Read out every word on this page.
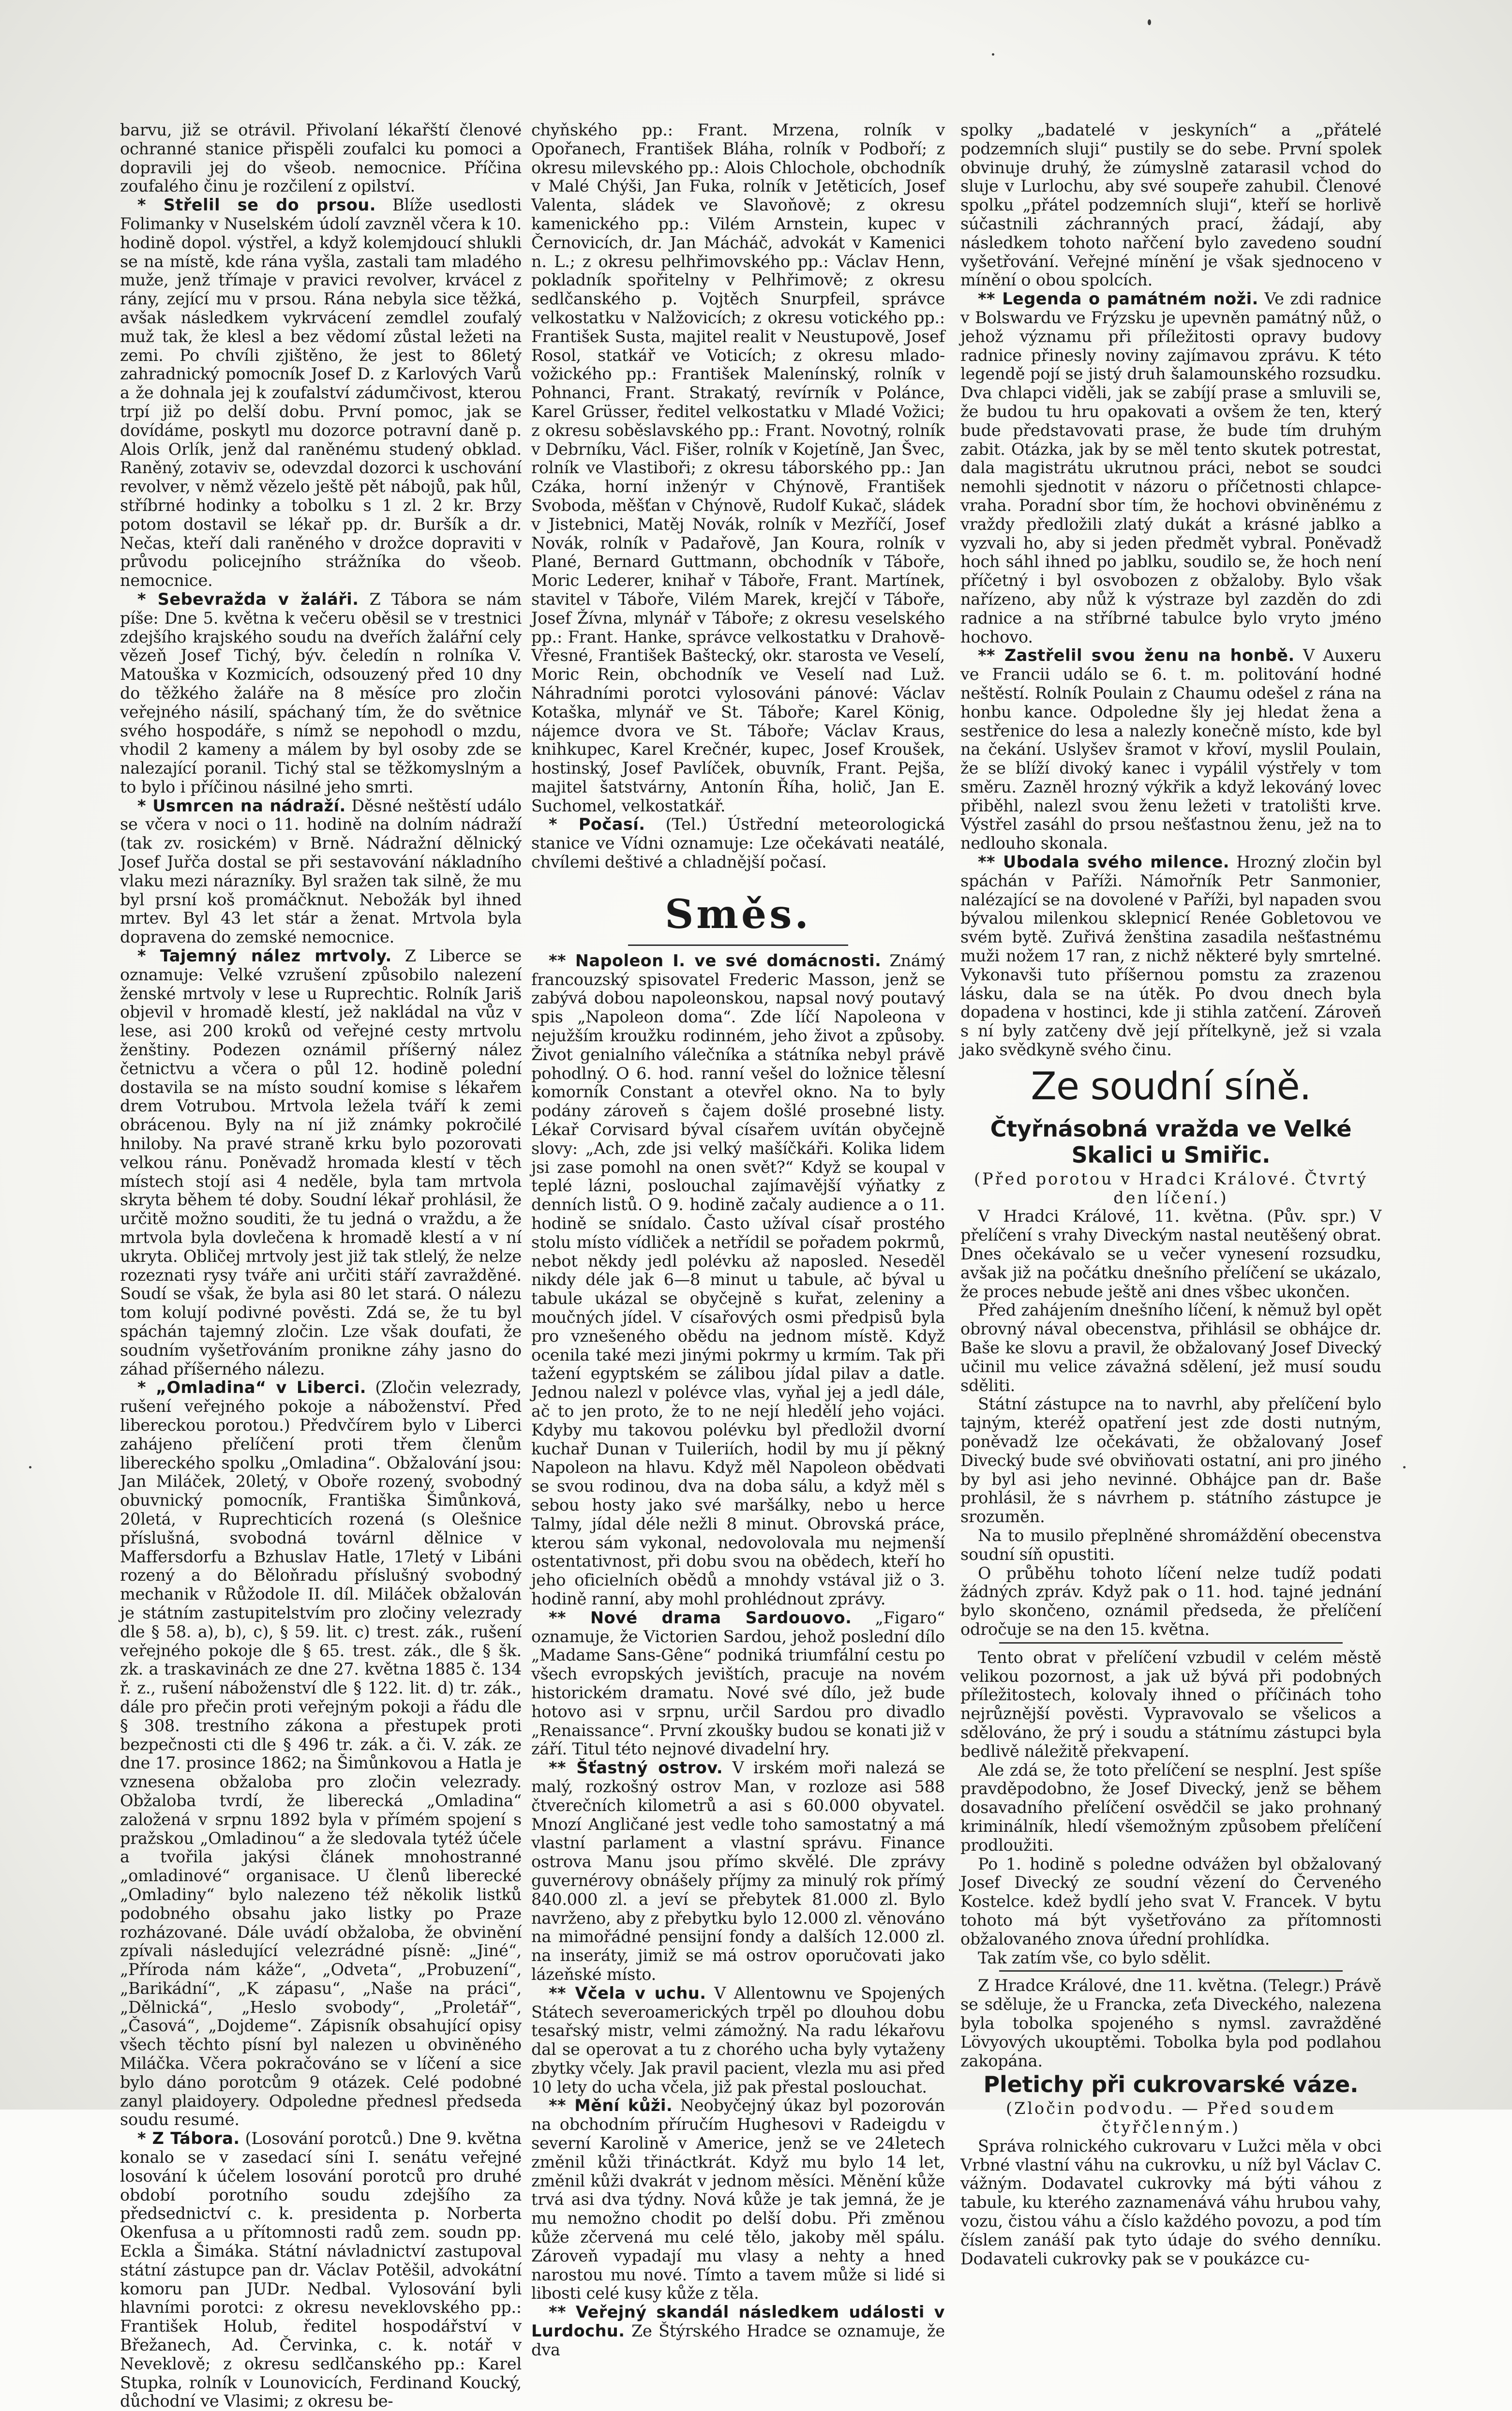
barvu, již se otrávil. Přivolaní lékařští členové ochranné stanice přispěli zoufalci ku pomoci a dopravili jej do všeob. nemocnice. Příčina zoufalého činu je rozčilení z opilství.

* Střelil se do prsou. Blíže usedlosti Folimanky v Nuselském údolí zavzněl včera k 10. hodině dopol. výstřel, a když kolemjdoucí shlukli se na místě, kde rána vyšla, zastali tam mladého muže, jenž třímaje v pravici revolver, krvácel z rány, zející mu v prsou. Rána nebyla sice těžká, avšak následkem vykrvácení zemdlel zoufalý muž tak, že klesl a bez vědomí zůstal ležeti na zemi. Po chvíli zjištěno, že jest to 86letý zahradnický pomocník Josef D. z Karlových Varů a že dohnala jej k zoufalství zádumčivost, kterou trpí již po delší dobu. První pomoc, jak se dovídáme, poskytl mu dozorce potravní daně p. Alois Orlík, jenž dal raněnému studený obklad. Raněný, zotaviv se, odevzdal dozorci k uschování revolver, v němž vězelo ještě pět nábojů, pak hůl, stříbrné hodinky a tobolku s 1 zl. 2 kr. Brzy potom dostavil se lékař pp. dr. Buršík a dr. Nečas, kteří dali raněného v drožce dopraviti v průvodu policejního strážníka do všeob. nemocnice.

* Sebevražda v žaláři. Z Tábora se nám píše: Dne 5. května k večeru oběsil se v trestnici zdejšího krajského soudu na dveřích žalářní cely vězeň Josef Tichý, býv. čeledín n rolníka V. Matouška v Kozmicích, odsouzený před 10 dny do těžkého žaláře na 8 měsíce pro zločin veřejného násilí, spáchaný tím, že do světnice svého hospodáře, s nímž se nepohodl o mzdu, vhodil 2 kameny a málem by byl osoby zde se nalezající poranil. Tichý stal se těžkomyslným a to bylo i příčinou násilné jeho smrti.

* Usmrcen na nádraží. Děsné neštěstí událo se včera v noci o 11. hodině na dolním nádraží (tak zv. rosickém) v Brně. Nádražní dělnický Josef Juřča dostal se při sestavování nákladního vlaku mezi nárazníky. Byl sražen tak silně, že mu byl prsní koš promáčknut. Nebožák byl ihned mrtev. Byl 43 let stár a ženat. Mrtvola byla dopravena do zemské nemocnice.

* Tajemný nález mrtvoly. Z Liberce se oznamuje: Velké vzrušení způsobilo nalezení ženské mrtvoly v lese u Ruprechtic. Rolník Jariš objevil v hromadě klestí, jež nakládal na vůz v lese, asi 200 kroků od veřejné cesty mrtvolu ženštiny. Podezen oznámil příšerný nález četnictvu a včera o půl 12. hodině polední dostavila se na místo soudní komise s lékařem drem Votrubou. Mrtvola ležela tváří k zemi obrácenou. Byly na ní již známky pokročilé hniloby. Na pravé straně krku bylo pozorovati velkou ránu. Poněvadž hromada klestí v těch místech stojí asi 4 neděle, byla tam mrtvola skryta během té doby. Soudní lékař prohlásil, že určitě možno souditi, že tu jedná o vraždu, a že mrtvola byla dovlečena k hromadě klestí a v ní ukryta. Obličej mrtvoly jest již tak stlelý, že nelze rozeznati rysy tváře ani určiti stáří zavražděné. Soudí se však, že byla asi 80 let stará. O nálezu tom kolují podivné pověsti. Zdá se, že tu byl spáchán tajemný zločin. Lze však doufati, že soudním vyšetřováním pronikne záhy jasno do záhad příšerného nálezu.

* „Omladina“ v Liberci. (Zločin velezrady, rušení veřejného pokoje a náboženství. Před libereckou porotou.) Předvčírem bylo v Liberci zahájeno přelíčení proti třem členům libereckého spolku „Omladina“. Obžalování jsou: Jan Miláček, 20letý, v Oboře rozený, svobodný obuvnický pomocník, Františka Šimůnková, 20letá, v Ruprechticích rozená (s Olešnice příslušná, svobodná továrnl dělnice v Maffersdorfu a Bzhuslav Hatle, 17letý v Libáni rozený a do Běloňradu příslušný svobodný mechanik v Růžodole II. díl. Miláček obžalován je státním zastupitelstvím pro zločiny velezrady dle § 58. a), b), c), § 59. lit. c) trest. zák., rušení veřejného pokoje dle § 65. trest. zák., dle § šk. zk. a traskavinách ze dne 27. května 1885 č. 134 ř. z., rušení náboženství dle § 122. lit. d) tr. zák., dále pro přečin proti veřejným pokoji a řádu dle § 308. trestního zákona a přestupek proti bezpečnosti cti dle § 496 tr. zák. a či. V. zák. ze dne 17. prosince 1862; na Šimůnkovou a Hatla je vznesena obžaloba pro zločin velezrady. Obžaloba tvrdí, že liberecká „Omladina“ založená v srpnu 1892 byla v přímém spojení s pražskou „Omladinou“ a že sledovala tytéž účele a tvořila jakýsi článek mnohostranné „omladinové“ organisace. U členů liberecké „Omladiny“ bylo nalezeno též několik listků podobného obsahu jako listky po Praze rozházované. Dále uvádí obžaloba, že obvinění zpívali následující velezrádné písně: „Jiné“, „Příroda nám káže“, „Odveta“, „Probuzení“, „Barikádní“, „K zápasu“, „Naše na práci“, „Dělnická“, „Heslo svobody“, „Proletář“, „Časová“, „Dojdeme“. Zápisník obsahující opisy všech těchto písní byl nalezen u obviněného Miláčka. Včera pokračováno se v líčení a sice bylo dáno porotcům 9 otázek. Celé podobné zanyl plaidoyery. Odpoledne přednesl předseda soudu resumé.

* Z Tábora. (Losování porotců.) Dne 9. května konalo se v zasedací síni I. senátu veřejné losování k účelem losování porotců pro druhé období porotního soudu zdejšího za předsednictví c. k. presidenta p. Norberta Okenfusa a u přítomnosti radů zem. soudn pp. Eckla a Šimáka. Státní návladnictví zastupoval státní zástupce pan dr. Václav Potěšil, advokátní komoru pan JUDr. Nedbal. Vylosování byli hlavními porotci: z okresu neveklovského pp.: František Holub, ředitel hospodářství v Břežanech, Ad. Červinka, c. k. notář v Neveklově; z okresu sedlčanského pp.: Karel Stupka, rolník v Lounovicích, Ferdinand Koucký, důchodní ve Vlasimi; z okresu be-

chyňského pp.: Frant. Mrzena, rolník v Opořanech, František Bláha, rolník v Podboří; z okresu milevského pp.: Alois Chlochole, obchodník v Malé Chýši, Jan Fuka, rolník v Jetěticích, Josef Valenta, sládek ve Slavoňově; z okresu kamenického pp.: Vilém Arnstein, kupec v Černovicích, dr. Jan Mácháč, advokát v Kamenici n. L.; z okresu pelhřimovského pp.: Václav Henn, pokladník spořitelny v Pelhřimově; z okresu sedlčanského p. Vojtěch Snurpfeil, správce velkostatku v Nalžovicích; z okresu votického pp.: František Susta, majitel realit v Neustupově, Josef Rosol, statkář ve Voticích; z okresu mlado-vožického pp.: František Malenínský, rolník v Pohnanci, Frant. Strakatý, revírník v Polánce, Karel Grüsser, ředitel velkostatku v Mladé Vožici; z okresu soběslavského pp.: Frant. Novotný, rolník v Debrníku, Václ. Fišer, rolník v Kojetíně, Jan Švec, rolník ve Vlastiboři; z okresu táborského pp.: Jan Czáka, horní inženýr v Chýnově, František Svoboda, měšťan v Chýnově, Rudolf Kukač, sládek v Jistebnici, Matěj Novák, rolník v Mezříčí, Josef Novák, rolník v Padařově, Jan Koura, rolník v Plané, Bernard Guttmann, obchodník v Táboře, Moric Lederer, knihař v Táboře, Frant. Martínek, stavitel v Táboře, Vilém Marek, krejčí v Táboře, Josef Žívna, mlynář v Táboře; z okresu veselského pp.: Frant. Hanke, správce velkostatku v Drahově-Vřesné, František Baštecký, okr. starosta ve Veselí, Moric Rein, obchodník ve Veselí nad Luž. Náhradními porotci vylosováni pánové: Václav Kotaška, mlynář ve St. Táboře; Karel König, nájemce dvora ve St. Táboře; Václav Kraus, knihkupec, Karel Krečnér, kupec, Josef Kroušek, hostinský, Josef Pavlíček, obuvník, Frant. Pejša, majitel šatstvárny, Antonín Říha, holič, Jan E. Suchomel, velkostatkář.

* Počasí. (Tel.) Ústřední meteorologická stanice ve Vídni oznamuje: Lze očekávati neatálé, chvílemi deštivé a chladnější počasí.

Směs.

** Napoleon I. ve své domácnosti. Známý francouzský spisovatel Frederic Masson, jenž se zabývá dobou napoleonskou, napsal nový poutavý spis „Napoleon doma“. Zde líčí Napoleona v nejužším kroužku rodinném, jeho život a způsoby. Život genialního válečníka a státníka nebyl právě pohodlný. O 6. hod. ranní vešel do ložnice tělesní komorník Constant a otevřel okno. Na to byly podány zároveň s čajem došlé prosebné listy. Lékař Corvisard býval císařem uvítán obyčejně slovy: „Ach, zde jsi velký mašíčkáři. Kolika lidem jsi zase pomohl na onen svět?“ Když se koupal v teplé lázni, poslouchal zajímavější výňatky z denních listů. O 9. hodině začaly audience a o 11. hodině se snídalo. Často užíval císař prostého stolu místo vídliček a netřídil se pořadem pokrmů, nebot někdy jedl polévku až naposled. Neseděl nikdy déle jak 6—8 minut u tabule, ač býval u tabule ukázal se obyčejně s kuřat, zeleniny a moučných jídel. V císařových osmi předpisů byla pro vznešeného obědu na jednom místě. Když ocenila také mezi jinými pokrmy u krmím. Tak při tažení egyptském se zálibou jídal pilav a datle. Jednou nalezl v polévce vlas, vyňal jej a jedl dále, ač to jen proto, že to ne nejí hledělí jeho vojáci. Kdyby mu takovou polévku byl předložil dvorní kuchař Dunan v Tuileriích, hodil by mu jí pěkný Napoleon na hlavu. Když měl Napoleon obědvati se svou rodinou, dva na doba sálu, a když měl s sebou hosty jako své maršálky, nebo u herce Talmy, jídal déle nežli 8 minut. Obrovská práce, kterou sám vykonal, nedovolovala mu nejmenší ostentativnost, při dobu svou na obědech, kteří ho jeho oficielních obědů a mnohdy vstával již o 3. hodině ranní, aby mohl prohlédnout zprávy.

** Nové drama Sardouovo. „Figaro“ oznamuje, že Victorien Sardou, jehož poslední dílo „Madame Sans-Gêne“ podniká triumfální cestu po všech evropských jevištích, pracuje na novém historickém dramatu. Nové své dílo, jež bude hotovo asi v srpnu, určil Sardou pro divadlo „Renaissance“. První zkoušky budou se konati již v září. Titul této nejnové divadelní hry.

** Šťastný ostrov. V irském moři nalezá se malý, rozkošný ostrov Man, v rozloze asi 588 čtverečních kilometrů a asi s 60.000 obyvatel. Mnozí Angličané jest vedle toho samostatný a má vlastní parlament a vlastní správu. Finance ostrova Manu jsou přímo skvělé. Dle zprávy guvernérovy obnášely příjmy za minulý rok přímý 840.000 zl. a jeví se přebytek 81.000 zl. Bylo navrženo, aby z přebytku bylo 12.000 zl. věnováno na mimořádné pensijní fondy a dalších 12.000 zl. na inseráty, jimiž se má ostrov oporučovati jako lázeňské místo.

** Včela v uchu. V Allentownu ve Spojených Státech severoamerických trpěl po dlouhou dobu tesařský mistr, velmi zámožný. Na radu lékařovu dal se operovat a tu z chorého ucha byly vytaženy zbytky včely. Jak pravil pacient, vlezla mu asi před 10 lety do ucha včela, již pak přestal poslouchat.

** Mění kůži. Neobyčejný úkaz byl pozorován na obchodním příručím Hughesovi v Radeigdu v severní Karolině v Americe, jenž se ve 24letech změnil kůži třináctkrát. Když mu bylo 14 let, změnil kůži dvakrát v jednom měsíci. Měnění kůže trvá asi dva týdny. Nová kůže je tak jemná, že je mu nemožno chodit po delší dobu. Při změnou kůže zčervená mu celé tělo, jakoby měl spálu. Zároveň vypadají mu vlasy a nehty a hned narostou mu nové. Tímto a tavem může si lidé si libosti celé kusy kůže z těla.

** Veřejný skandál následkem události v Lurdochu. Ze Štýrského Hradce se oznamuje, že dva

spolky „badatelé v jeskyních“ a „přátelé podzemních sluji“ pustily se do sebe. První spolek obvinuje druhý, že zúmyslně zatarasil vchod do sluje v Lurlochu, aby své soupeře zahubil. Členové spolku „přátel podzemních sluji“, kteří se horlivě súčastnili záchranných prací, žádají, aby následkem tohoto nařčení bylo zavedeno soudní vyšetřování. Veřejné mínění je však sjednoceno v mínění o obou spolcích.

** Legenda o památném noži. Ve zdi radnice v Bolswardu ve Frýzsku je upevněn památný nůž, o jehož významu při příležitosti opravy budovy radnice přinesly noviny zajímavou zprávu. K této legendě pojí se jistý druh šalamounského rozsudku. Dva chlapci viděli, jak se zabíjí prase a smluvili se, že budou tu hru opakovati a ovšem že ten, který bude představovati prase, že bude tím druhým zabit. Otázka, jak by se měl tento skutek potrestat, dala magistrátu ukrutnou práci, nebot se soudci nemohli sjednotit v názoru o příčetnosti chlapce-vraha. Poradní sbor tím, že hochovi obviněnému z vraždy předložili zlatý dukát a krásné jablko a vyzvali ho, aby si jeden předmět vybral. Poněvadž hoch sáhl ihned po jablku, soudilo se, že hoch není příčetný i byl osvobozen z obžaloby. Bylo však nařízeno, aby nůž k výstraze byl zazděn do zdi radnice a na stříbrné tabulce bylo vryto jméno hochovo.

** Zastřelil svou ženu na honbě. V Auxeru ve Francii událo se 6. t. m. politování hodné neštěstí. Rolník Poulain z Chaumu odešel z rána na honbu kance. Odpoledne šly jej hledat žena a sestřenice do lesa a nalezly konečně místo, kde byl na čekání. Uslyšev šramot v křoví, myslil Poulain, že se blíží divoký kanec i vypálil výstřely v tom směru. Zazněl hrozný výkřik a když lekováný lovec přiběhl, nalezl svou ženu ležeti v tratolišti krve. Výstřel zasáhl do prsou nešťastnou ženu, jež na to nedlouho skonala.

** Ubodala svého milence. Hrozný zločin byl spáchán v Paříži. Námořník Petr Sanmonier, nalézající se na dovolené v Paříži, byl napaden svou bývalou milenkou sklepnicí Renée Gobletovou ve svém bytě. Zuřivá ženština zasadila nešťastnému muži nožem 17 ran, z nichž některé byly smrtelné. Vykonavši tuto příšernou pomstu za zrazenou lásku, dala se na útěk. Po dvou dnech byla dopadena v hostinci, kde ji stihla zatčení. Zároveň s ní byly zatčeny dvě její přítelkyně, jež si vzala jako svědkyně svého činu.

Ze soudní síně.
Čtyřnásobná vražda ve Velké Skalici u Smiřic.

(Před porotou v Hradci Králové. Čtvrtý den líčení.)

V Hradci Králové, 11. května. (Pův. spr.) V přelíčení s vrahy Diveckým nastal neutěšený obrat. Dnes očekávalo se u večer vynesení rozsudku, avšak již na počátku dnešního přelíčení se ukázalo, že proces nebude ještě ani dnes všbec ukončen.

Před zahájením dnešního líčení, k němuž byl opět obrovný nával obecenstva, přihlásil se obhájce dr. Baše ke slovu a pravil, že obžalovaný Josef Divecký učinil mu velice závažná sdělení, jež musí soudu sděliti.

Státní zástupce na to navrhl, aby přelíčení bylo tajným, kteréž opatření jest zde dosti nutným, poněvadž lze očekávati, že obžalovaný Josef Divecký bude své obviňovati ostatní, ani pro jiného by byl asi jeho nevinné. Obhájce pan dr. Baše prohlásil, že s návrhem p. státního zástupce je srozuměn.

Na to musilo přeplněné shromáždění obecenstva soudní síň opustiti.

O průběhu tohoto líčení nelze tudíž podati žádných zpráv. Když pak o 11. hod. tajné jednání bylo skončeno, oznámil předseda, že přelíčení odročuje se na den 15. května.

Tento obrat v přelíčení vzbudil v celém městě velikou pozornost, a jak už bývá při podobných příležitostech, kolovaly ihned o příčinách toho nejrůznější pověsti. Vypravovalo se všelicos a sdělováno, že prý i soudu a státnímu zástupci byla bedlivě náležitě překvapení.

Ale zdá se, že toto přelíčení se nesplní. Jest spíše pravděpodobno, že Josef Divecký, jenž se během dosavadního přelíčení osvědčil se jako prohnaný kriminálník, hledí všemožným způsobem přelíčení prodloužiti.

Po 1. hodině s poledne odvážen byl obžalovaný Josef Divecký ze soudní vězení do Červeného Kostelce. kdež bydlí jeho svat V. Francek. V bytu tohoto má být vyšetřováno za přítomnosti obžalovaného znova úřední prohlídka.

Tak zatím vše, co bylo sdělit.

Z Hradce Králové, dne 11. května. (Telegr.) Právě se sděluje, že u Francka, zeťa Diveckého, nalezena byla tobolka spojeného s nymsl. zavražděné Lövyových ukouptěmi. Tobolka byla pod podlahou zakopána.

Pletichy při cukrovarské váze.

(Zločin podvodu. — Před soudem čtyřčlenným.)

Správa rolnického cukrovaru v Lužci měla v obci Vrbné vlastní váhu na cukrovku, u níž byl Václav C. vážným. Dodavatel cukrovky má býti váhou z tabule, ku kterého zaznamenává váhu hrubou vahy, vozu, čistou váhu a číslo každého povozu, a pod tím číslem zanáší pak tyto údaje do svého denníku. Dodavateli cukrovky pak se v poukázce cu-
